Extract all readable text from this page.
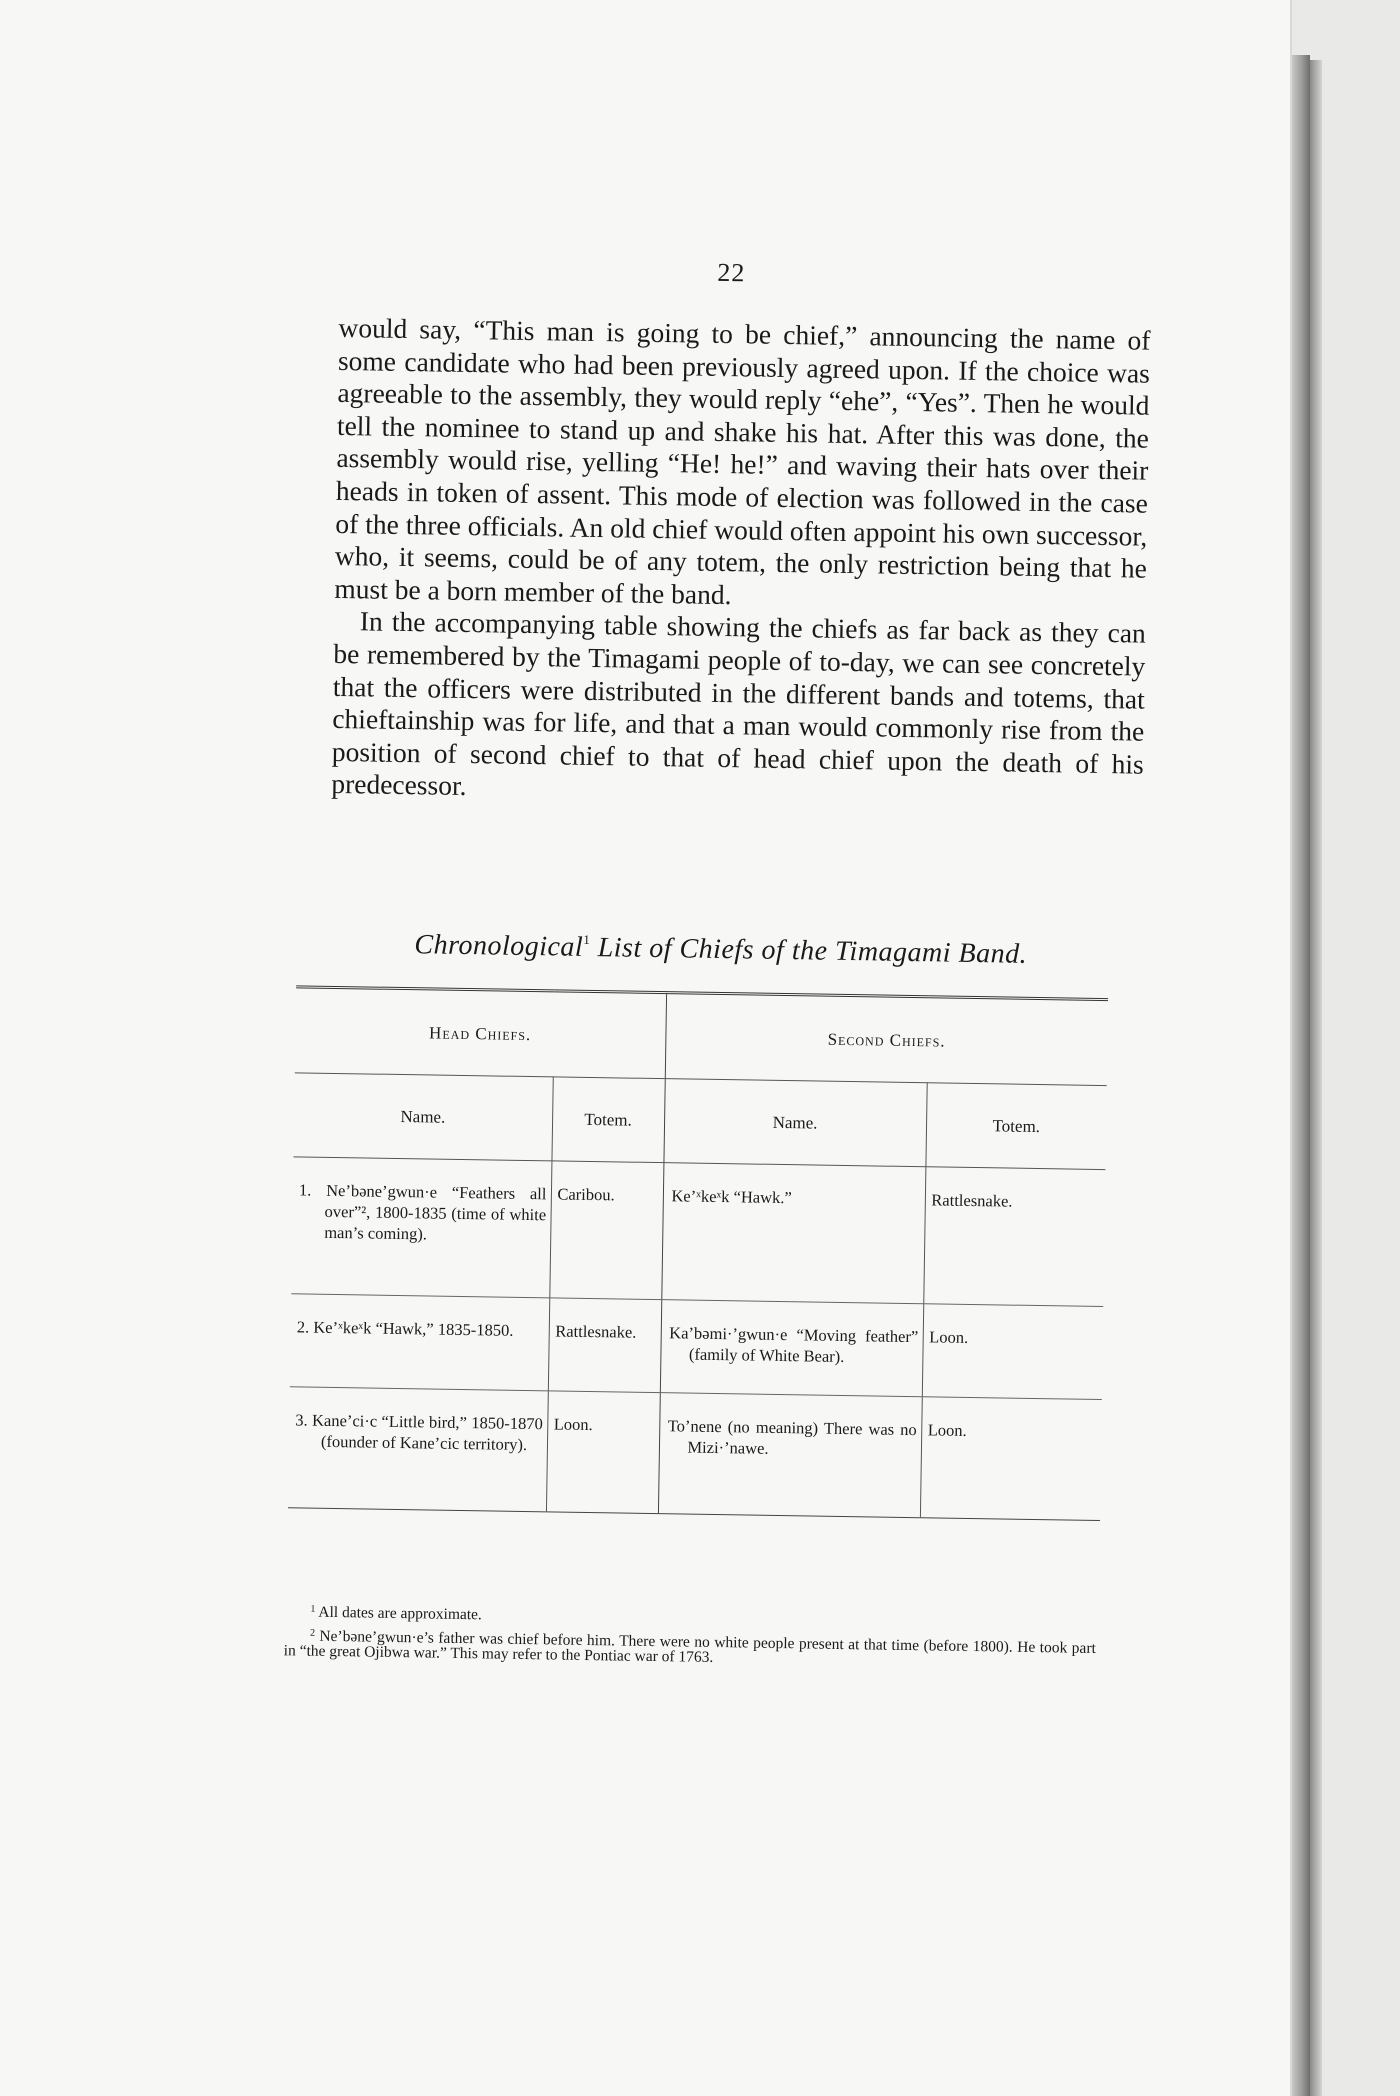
22

would say, “This man is going to be chief,” announcing the name of some candidate who had been previously agreed upon. If the choice was agreeable to the assembly, they would reply “ehe”, “Yes”. Then he would tell the nominee to stand up and shake his hat. After this was done, the assembly would rise, yelling “He! he!” and waving their hats over their heads in token of assent. This mode of election was followed in the case of the three officials. An old chief would often appoint his own successor, who, it seems, could be of any totem, the only restriction being that he must be a born member of the band.

In the accompanying table showing the chiefs as far back as they can be remembered by the Timagami people of to-day, we can see concretely that the officers were distributed in the different bands and totems, that chieftainship was for life, and that a man would commonly rise from the position of second chief to that of head chief upon the death of his predecessor.

Chronological$^1$ List of Chiefs of the Timagami Band.
Head Chiefs.		Second Chiefs.	
Name.	Totem.	Name.	Totem.
1. Ne’bəne’gwun·e “Feathers all over”², 1800-1835 (time of white man’s coming).	Caribou.	Ke’ˣkeˣk “Hawk.”	Rattlesnake.
2. Ke’ˣkeˣk “Hawk,” 1835-1850.	Rattlesnake.	Ka’bəmi·’gwun·e “Moving feather” (family of White Bear).	Loon.
3. Kane’ci·c “Little bird,” 1850-1870 (founder of Kane’cic territory).	Loon.	To’nene (no meaning) There was no Mizi·’nawe.	Loon.

$^1$ All dates are approximate.

$^2$ Ne’bəne’gwun·e’s father was chief before him. There were no white people present at that time (before 1800). He took part in “the great Ojibwa war.” This may refer to the Pontiac war of 1763.
